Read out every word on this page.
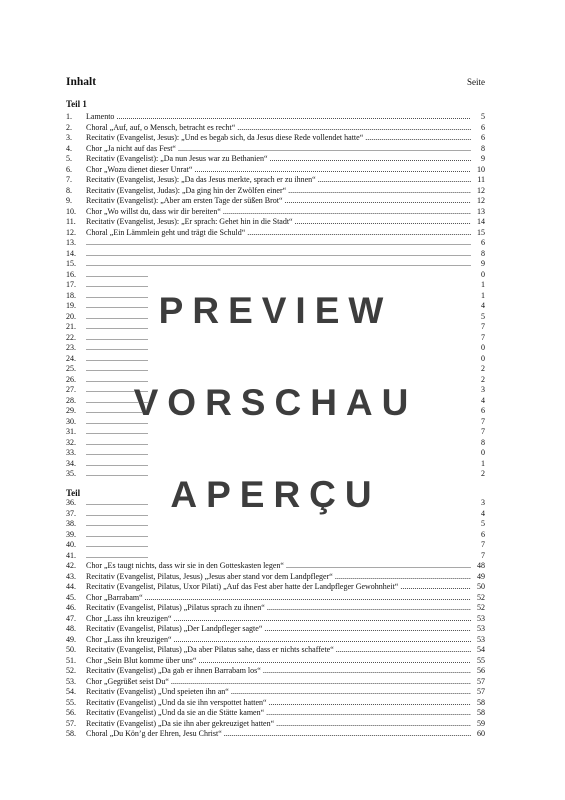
Inhalt	Seite
Teil 1
Teil
1.	Lamento .....	5
2.	Choral „Auf, auf, o Mensch, betracht es recht“ .....	6
3.	Recitativ (Evangelist, Jesus): „Und es begab sich, da Jesus diese Rede vollendet hatte“ .....	6
4.	Chor „Ja nicht auf das Fest“ .....	8
5.	Recitativ (Evangelist): „Da nun Jesus war zu Bethanien“ .....	9
6.	Chor „Wozu dienet dieser Unrat“ .....	10
7.	Recitativ (Evangelist, Jesus): „Da das Jesus merkte, sprach er zu ihnen“ .....	11
8.	Recitativ (Evangelist, Judas): „Da ging hin der Zwölfen einer“ .....	12
9.	Recitativ (Evangelist): „Aber am ersten Tage der süßen Brot“ .....	12
10.	Chor „Wo willst du, dass wir dir bereiten“ .....	13
11.	Recitativ (Evangelist, Jesus): „Er sprach: Gehet hin in die Stadt“ .....	14
12.	Choral „Ein Lämmlein geht und trägt die Schuld“ .....	15
13. .....	6
14. .....	8
15. .....	9
16. .....	0
17. .....	1
18. .....	1
19. .....	4
20. .....	5
21. .....	7
22. .....	7
23. .....	0
24. .....	0
25. .....	2
26. .....	2
27. .....	3
28. .....	4
29. .....	6
30. .....	7
31. .....	7
32. .....	8
33. .....	0
34. .....	1
35. .....	2
36. .....	3
37. .....	4
38. .....	5
39. .....	6
40. .....	7
41. .....	7
42.	Chor „Es taugt nichts, dass wir sie in den Gotteskasten legen“ .....	48
43.	Recitativ (Evangelist, Pilatus, Jesus) „Jesus aber stand vor dem Landpfleger“ .....	49
44.	Recitativ (Evangelist, Pilatus, Uxor Pilati) „Auf das Fest aber hatte der Landpfleger Gewohnheit“ .....	50
45.	Chor „Barrabam“ .....	52
46.	Recitativ (Evangelist, Pilatus) „Pilatus sprach zu ihnen“ .....	52
47.	Chor „Lass ihn kreuzigen“ .....	53
48.	Recitativ (Evangelist, Pilatus) „Der Landpfleger sagte“ .....	53
49.	Chor „Lass ihn kreuzigen“ .....	53
50.	Recitativ (Evangelist, Pilatus) „Da aber Pilatus sahe, dass er nichts schaffete“ .....	54
51.	Chor „Sein Blut komme über uns“ .....	55
52.	Recitativ (Evangelist) „Da gab er ihnen Barrabam los“ .....	56
53.	Chor „Gegrüßet seist Du“ .....	57
54.	Recitativ (Evangelist) „Und speieten ihn an“ .....	57
55.	Recitativ (Evangelist) „Und da sie ihn verspottet hatten“ .....	58
56.	Recitativ (Evangelist) „Und da sie an die Stätte kamen“ .....	58
57.	Recitativ (Evangelist) „Da sie ihn aber gekreuziget hatten“ .....	59
58.	Choral „Du Kön’g der Ehren, Jesu Christ“ .....	60
PREVIEW
VORSCHAU
APERÇU
